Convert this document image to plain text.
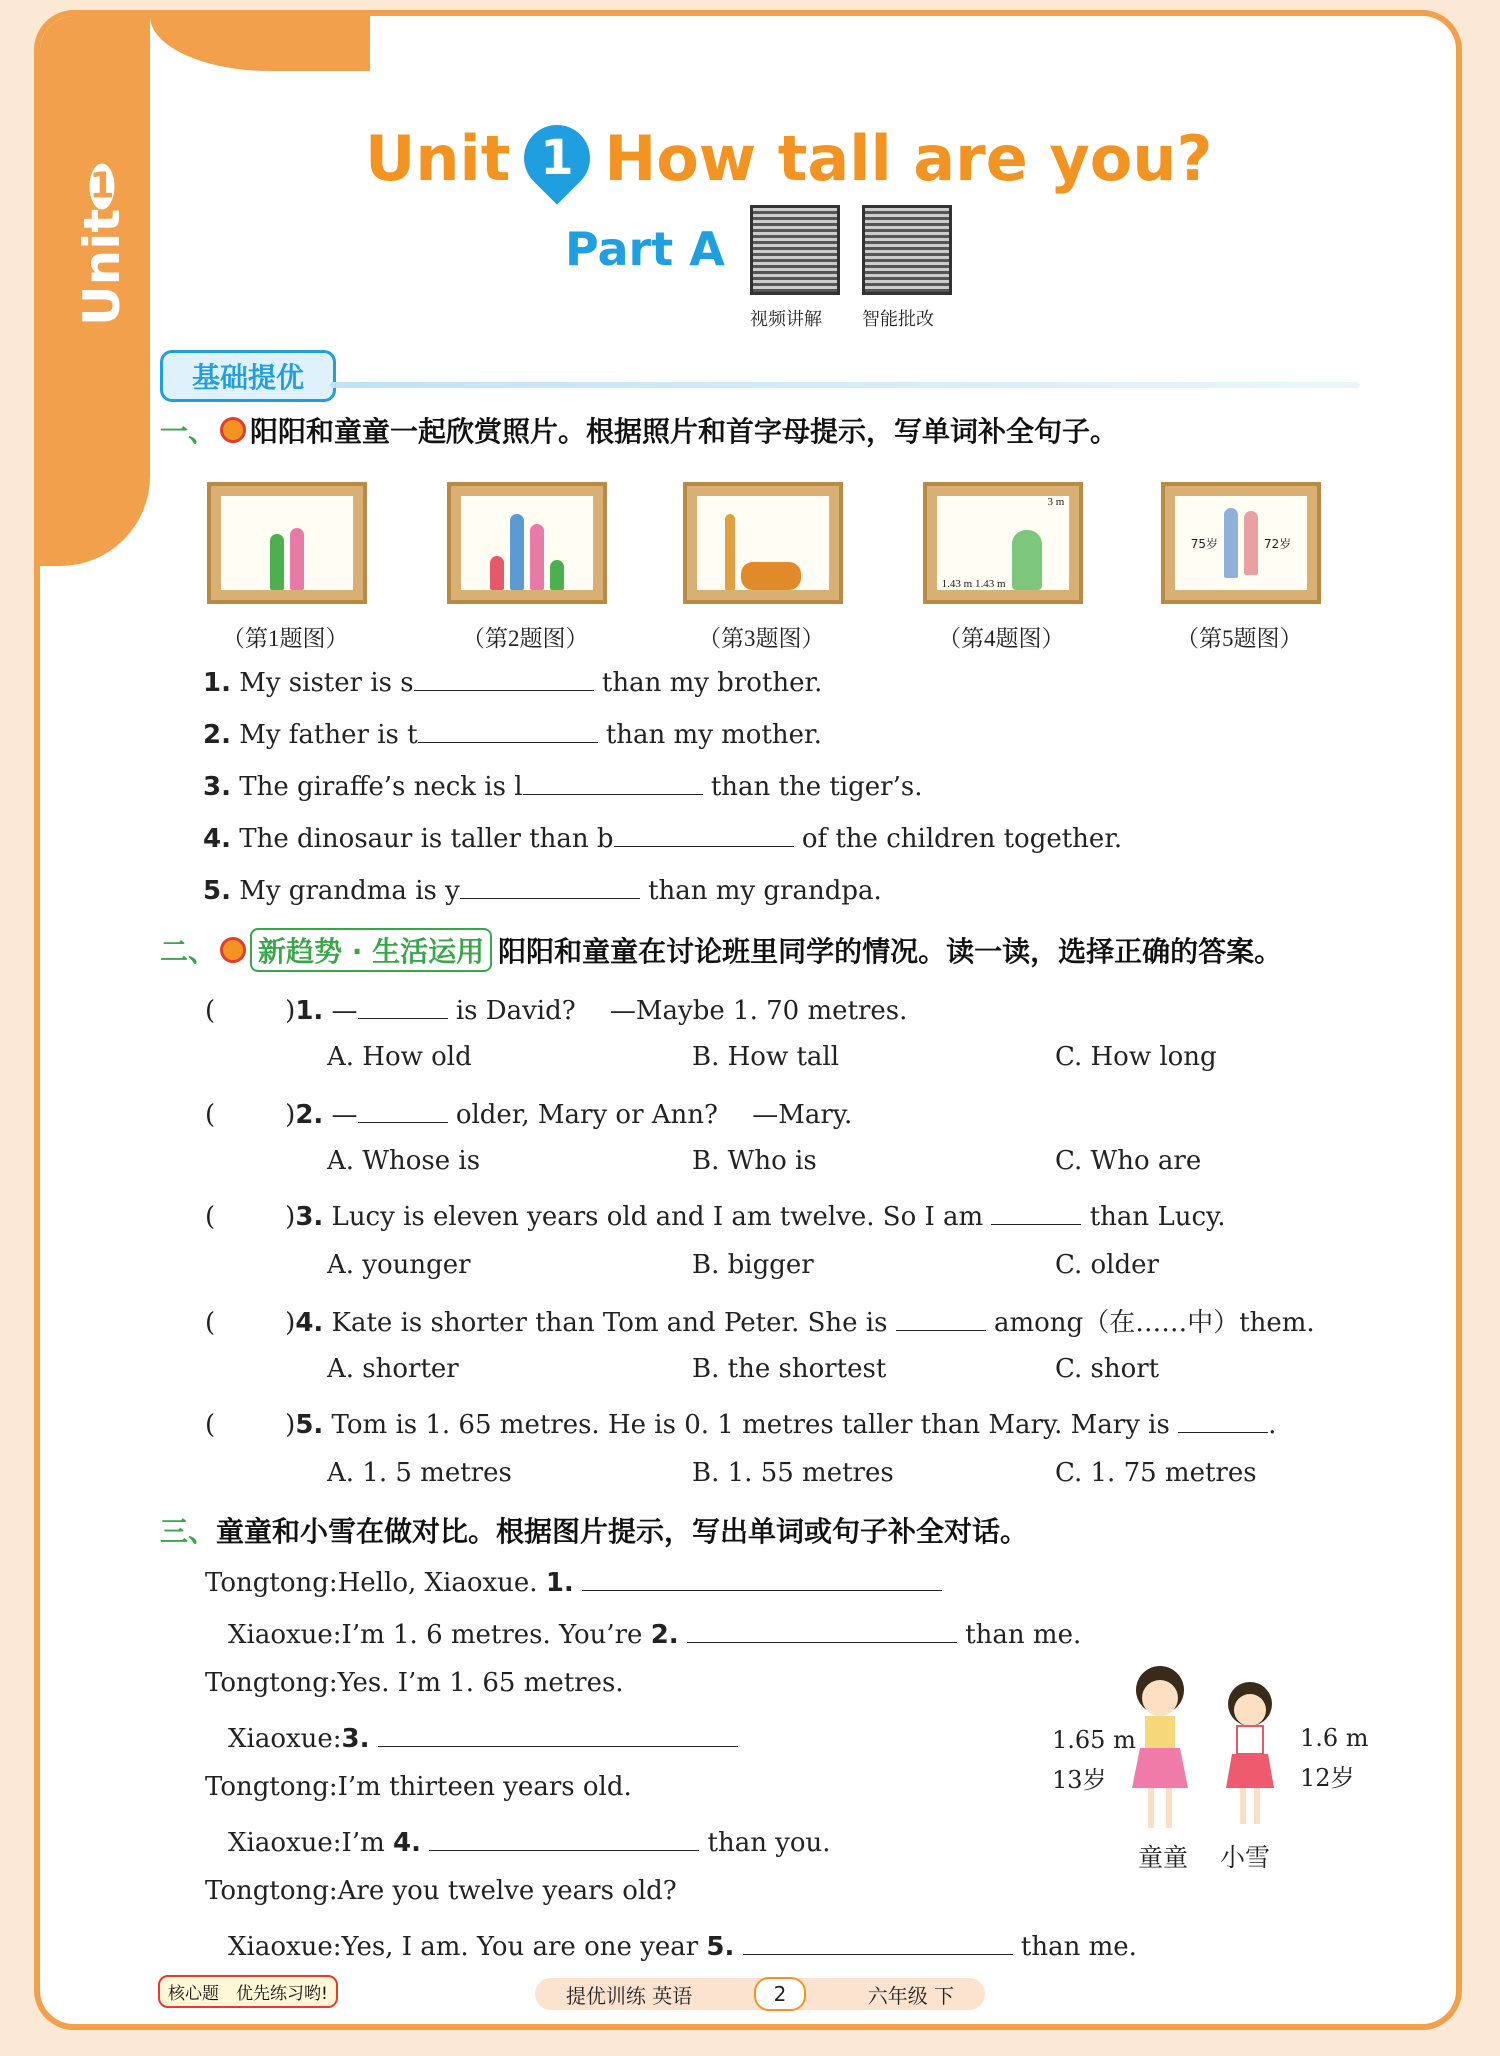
Unit
1	Unit 1 How tall are you?
Part A
视频讲解 智能批改
基础提优
一、 阳阳和童童一起欣赏照片。根据照片和首字母提示，写单词补全句子。
1.43 m 1.43 m
3 m
75岁	72岁
（第1题图）	（第2题图）	（第3题图）	（第4题图）	（第5题图）
1. My sister is s	than my brother.
2. My father is t	than my mother.
3. The giraffe’s neck is l	than the tiger’s.
4. The dinosaur is taller than b	of the children together.
5. My grandma is y	than my grandpa.
二、 新趋势 · 生活运用 阳阳和童童在讨论班里同学的情况。读一读，选择正确的答案。
(	)1. —	is David?　 —Maybe 1. 70 metres.
A. How old	B. How tall	C. How long
(	)2. —	older, Mary or Ann?　 —Mary.
A. Whose is	B. Who is	C. Who are
(	)3. Lucy is eleven years old and I am twelve. So I am	than Lucy.
A. younger	B. bigger	C. older
(	)4. Kate is shorter than Tom and Peter. She is	among（在……中）them.
A. shorter	B. the shortest	C. short
(	)5. Tom is 1. 65 metres. He is 0. 1 metres taller than Mary. Mary is	.
A. 1. 5 metres	B. 1. 55 metres	C. 1. 75 metres
三、 童童和小雪在做对比。根据图片提示，写出单词或句子补全对话。
Tongtong:Hello, Xiaoxue. 1.
Xiaoxue:I’m 1. 6 metres. You’re 2.	than me.
Tongtong:Yes. I’m 1. 65 metres.
Xiaoxue:3.
Tongtong:I’m thirteen years old.
Xiaoxue:I’m 4.	than you.
Tongtong:Are you twelve years old?
Xiaoxue:Yes, I am. You are one year 5.	than me.
1.65 m
13岁
1.6 m
12岁
童童 小雪
核心题　优先练习哟!	提优训练 英语	2	六年级 下
